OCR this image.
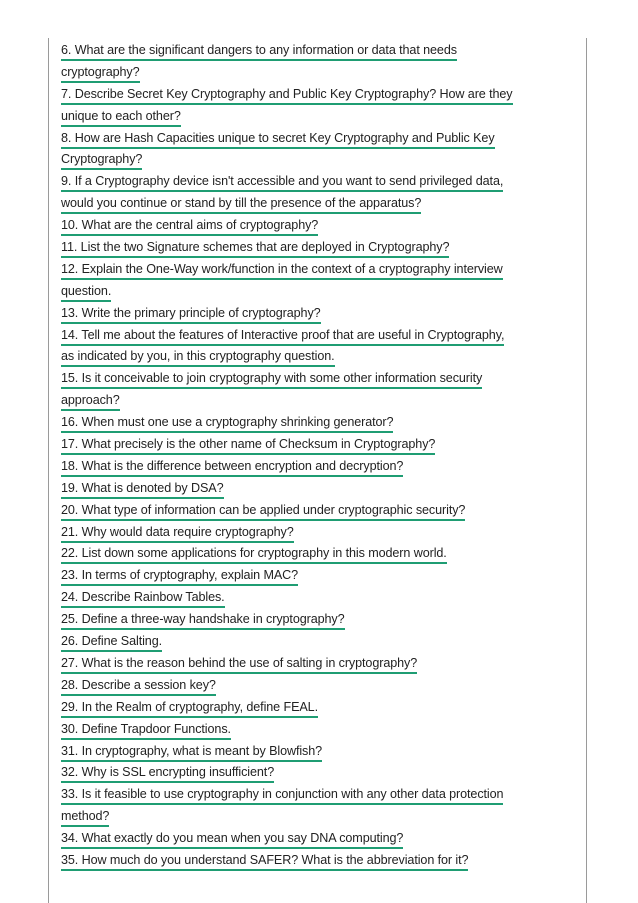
6. What are the significant dangers to any information or data that needs
cryptography?
7. Describe Secret Key Cryptography and Public Key Cryptography? How are they
unique to each other?
8. How are Hash Capacities unique to secret Key Cryptography and Public Key
Cryptography?
9. If a Cryptography device isn't accessible and you want to send privileged data,
would you continue or stand by till the presence of the apparatus?
10. What are the central aims of cryptography?
11. List the two Signature schemes that are deployed in Cryptography?
12. Explain the One-Way work/function in the context of a cryptography interview
question.
13. Write the primary principle of cryptography?
14. Tell me about the features of Interactive proof that are useful in Cryptography,
as indicated by you, in this cryptography question.
15. Is it conceivable to join cryptography with some other information security
approach?
16. When must one use a cryptography shrinking generator?
17. What precisely is the other name of Checksum in Cryptography?
18. What is the difference between encryption and decryption?
19. What is denoted by DSA?
20. What type of information can be applied under cryptographic security?
21. Why would data require cryptography?
22. List down some applications for cryptography in this modern world.
23. In terms of cryptography, explain MAC?
24. Describe Rainbow Tables.
25. Define a three-way handshake in cryptography?
26. Define Salting.
27. What is the reason behind the use of salting in cryptography?
28. Describe a session key?
29. In the Realm of cryptography, define FEAL.
30. Define Trapdoor Functions.
31. In cryptography, what is meant by Blowfish?
32. Why is SSL encrypting insufficient?
33. Is it feasible to use cryptography in conjunction with any other data protection
method?
34. What exactly do you mean when you say DNA computing?
35. How much do you understand SAFER? What is the abbreviation for it?
